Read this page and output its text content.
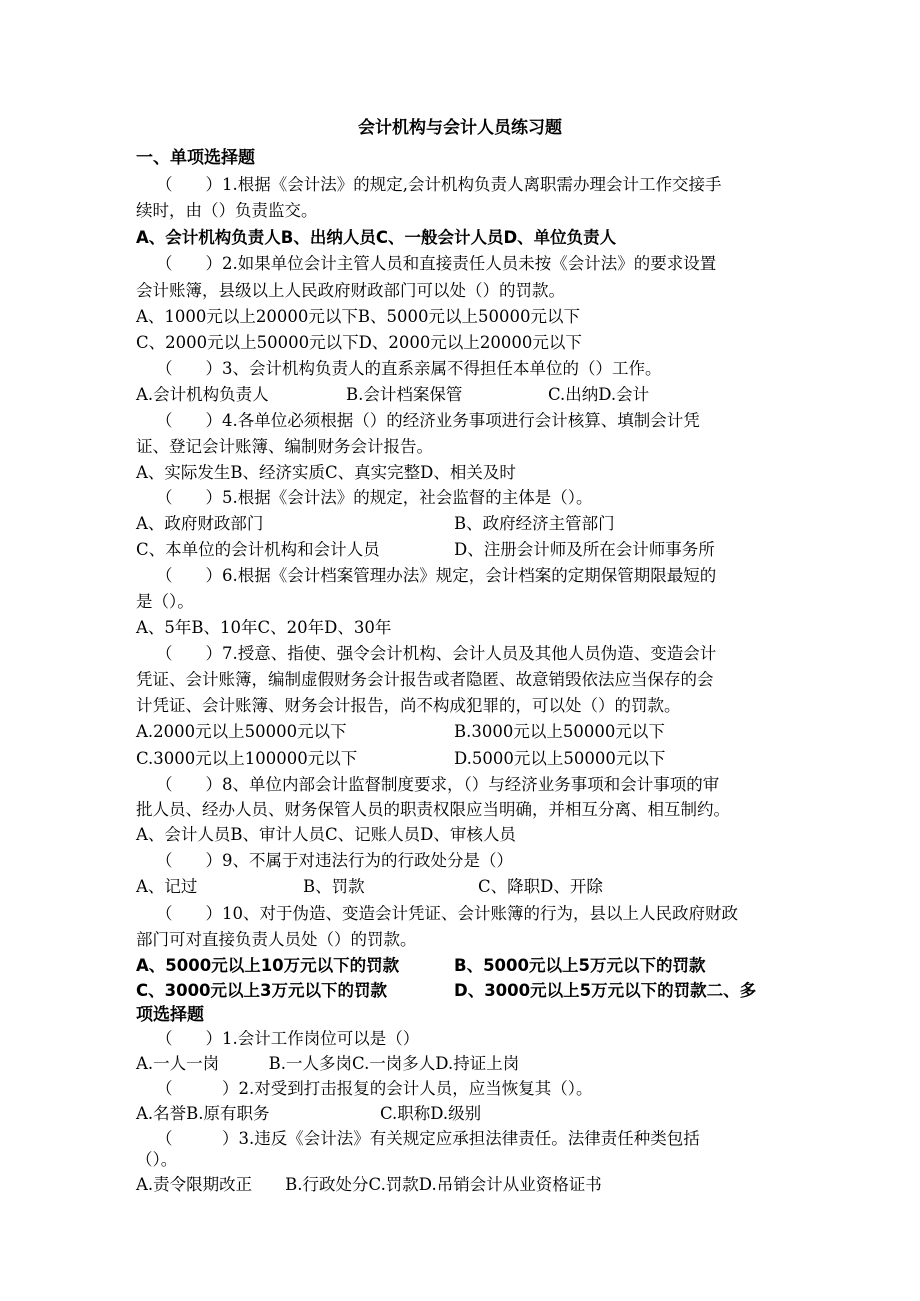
会计机构与会计人员练习题
一、单项选择题
（　　）1.根据《会计法》的规定,会计机构负责人离职需办理会计工作交接手
续时，由（）负责监交。
A、会计机构负责人B、出纳人员C、一般会计人员D、单位负责人
（　　）2.如果单位会计主管人员和直接责任人员未按《会计法》的要求设置
会计账簿，县级以上人民政府财政部门可以处（）的罚款。
A、1000元以上20000元以下B、5000元以上50000元以下
C、2000元以上50000元以下D、2000元以上20000元以下
（　　）3、会计机构负责人的直系亲属不得担任本单位的（）工作。
A.会计机构负责人	B.会计档案保管	C.出纳D.会计
（　　）4.各单位必须根据（）的经济业务事项进行会计核算、填制会计凭
证、登记会计账簿、编制财务会计报告。
A、实际发生B、经济实质C、真实完整D、相关及时
（　　）5.根据《会计法》的规定，社会监督的主体是（）。
A、政府财政部门	B、政府经济主管部门
C、本单位的会计机构和会计人员	D、注册会计师及所在会计师事务所
（　　）6.根据《会计档案管理办法》规定，会计档案的定期保管期限最短的
是（）。
A、5年B、10年C、20年D、30年
（　　）7.授意、指使、强令会计机构、会计人员及其他人员伪造、变造会计
凭证、会计账簿，编制虚假财务会计报告或者隐匿、故意销毁依法应当保存的会
计凭证、会计账簿、财务会计报告，尚不构成犯罪的，可以处（）的罚款。
A.2000元以上50000元以下	B.3000元以上50000元以下
C.3000元以上100000元以下	D.5000元以上50000元以下
（　　）8、单位内部会计监督制度要求，（）与经济业务事项和会计事项的审
批人员、经办人员、财务保管人员的职责权限应当明确，并相互分离、相互制约。
A、会计人员B、审计人员C、记账人员D、审核人员
（　　）9、不属于对违法行为的行政处分是（）
A、记过	B、罚款	C、降职D、开除
（　　）10、对于伪造、变造会计凭证、会计账簿的行为，县以上人民政府财政
部门可对直接负责人员处（）的罚款。
A、5000元以上10万元以下的罚款	B、5000元以上5万元以下的罚款
C、3000元以上3万元以下的罚款	D、3000元以上5万元以下的罚款二、多
项选择题
（　　）1.会计工作岗位可以是（）
A.一人一岗　　　B.一人多岗C.一岗多人D.持证上岗
（　　　）2.对受到打击报复的会计人员，应当恢复其（）。
A.名誉B.原有职务	C.职称D.级别
（　　　）3.违反《会计法》有关规定应承担法律责任。法律责任种类包括
（）。
A.责令限期改正　　B.行政处分C.罚款D.吊销会计从业资格证书
